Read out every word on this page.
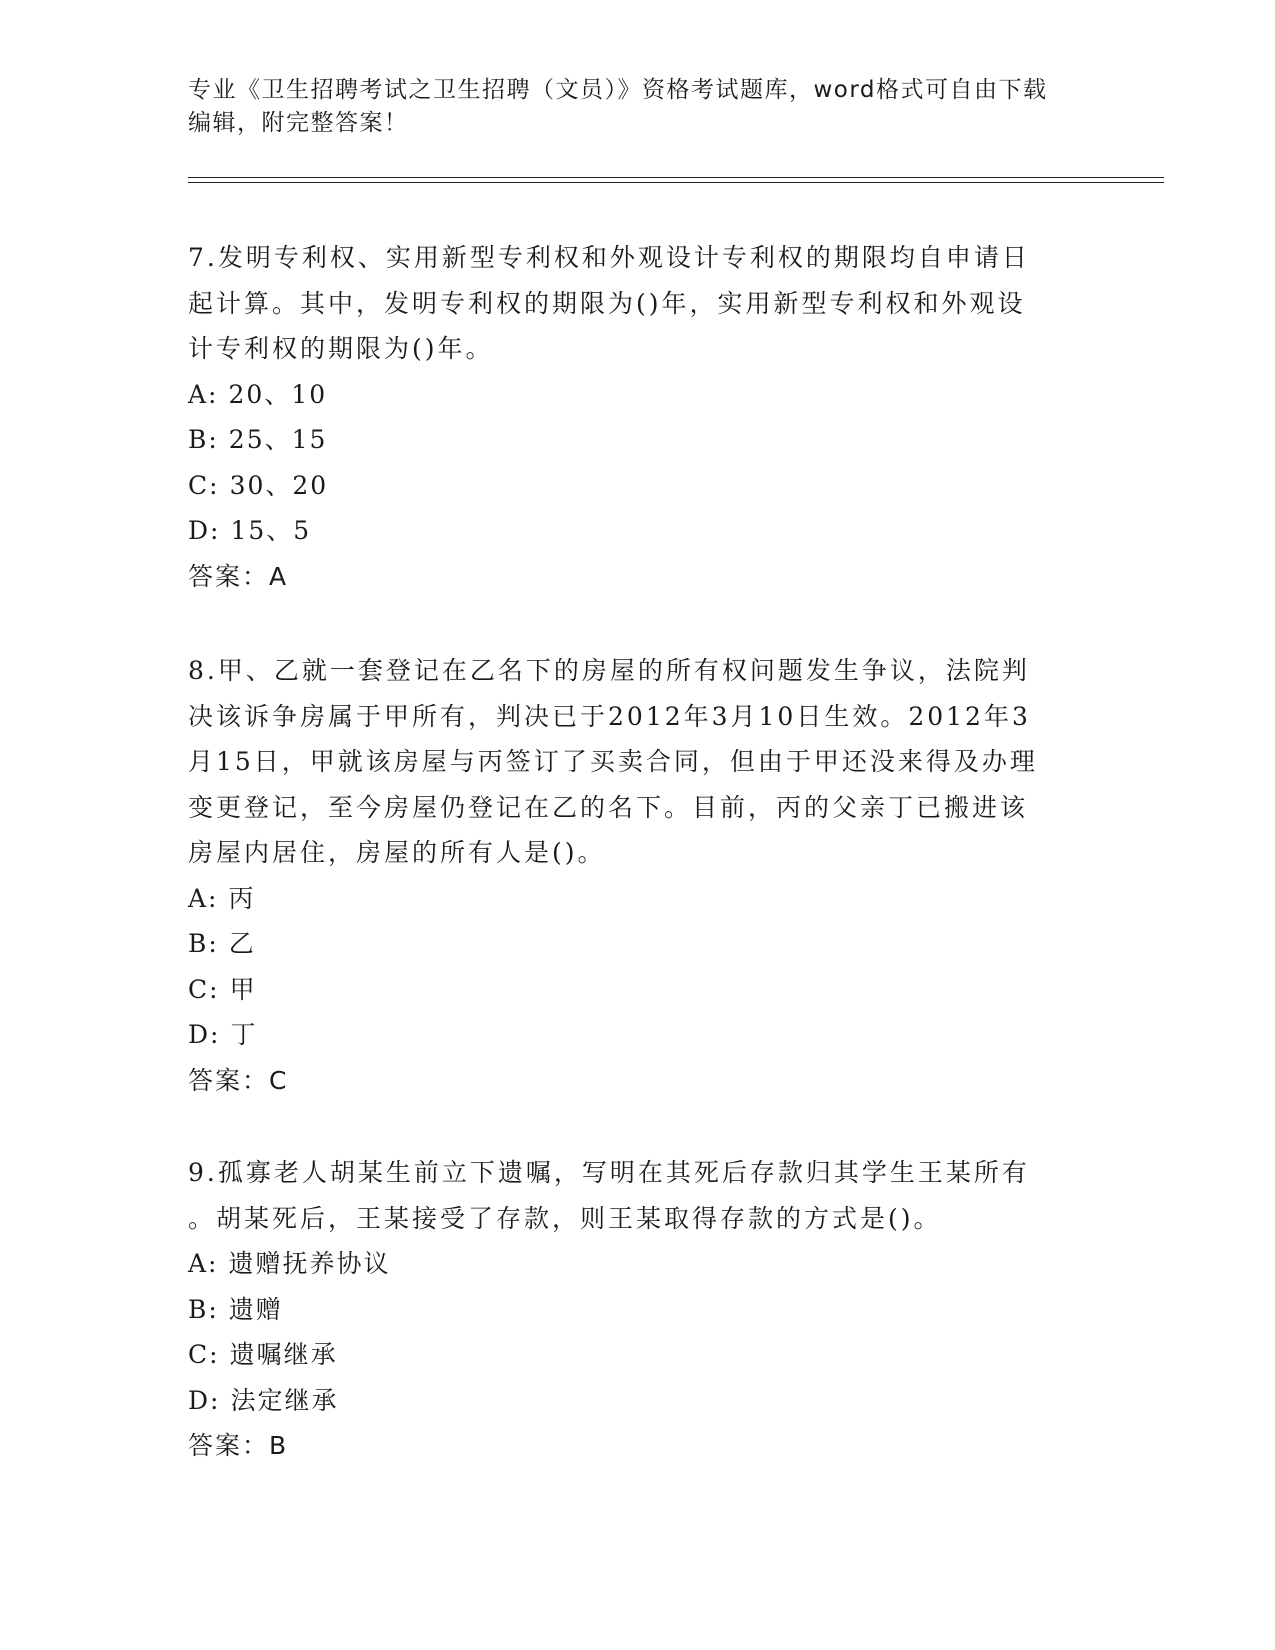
专业《卫生招聘考试之卫生招聘（文员）》资格考试题库，word格式可自由下载

编辑，附完整答案！

7.发明专利权、实用新型专利权和外观设计专利权的期限均自申请日
起计算。其中，发明专利权的期限为()年，实用新型专利权和外观设
计专利权的期限为()年。

A: 20、10
B: 25、15
C: 30、20
D: 15、5

答案：A

8.甲、乙就一套登记在乙名下的房屋的所有权问题发生争议，法院判
决该诉争房属于甲所有，判决已于2012年3月10日生效。2012年3
月15日，甲就该房屋与丙签订了买卖合同，但由于甲还没来得及办理
变更登记，至今房屋仍登记在乙的名下。目前，丙的父亲丁已搬进该
房屋内居住，房屋的所有人是()。

A: 丙
B: 乙
C: 甲
D: 丁

答案：C

9.孤寡老人胡某生前立下遗嘱，写明在其死后存款归其学生王某所有
。胡某死后，王某接受了存款，则王某取得存款的方式是()。

A: 遗赠抚养协议
B: 遗赠
C: 遗嘱继承
D: 法定继承

答案：B
